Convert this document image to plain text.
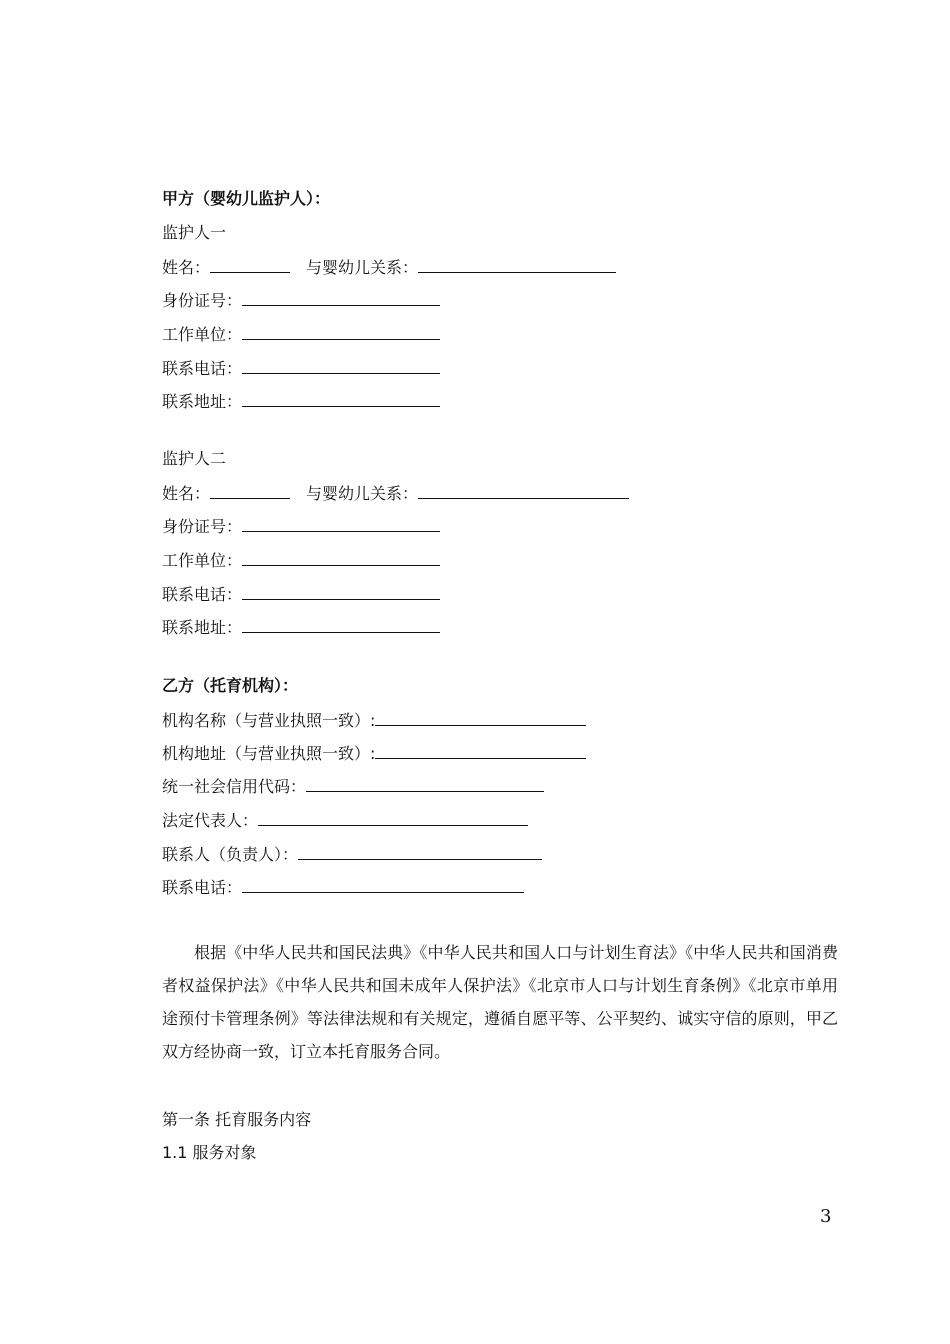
甲方（婴幼儿监护人）：
监护人一
姓名：	与婴幼儿关系：
身份证号：
工作单位：
联系电话：
联系地址：
监护人二
姓名：	与婴幼儿关系：
身份证号：
工作单位：
联系电话：
联系地址：
乙方（托育机构）：
机构名称（与营业执照一致）:
机构地址（与营业执照一致）:
统一社会信用代码：
法定代表人：
联系人（负责人）：
联系电话：
根据《中华人民共和国民法典》《中华人民共和国人口与计划生育法》《中华人民共和国消费者权益保护法》《中华人民共和国未成年人保护法》《北京市人口与计划生育条例》《北京市单用途预付卡管理条例》等法律法规和有关规定，遵循自愿平等、公平契约、诚实守信的原则，甲乙双方经协商一致，订立本托育服务合同。
第一条 托育服务内容
1.1 服务对象
3
